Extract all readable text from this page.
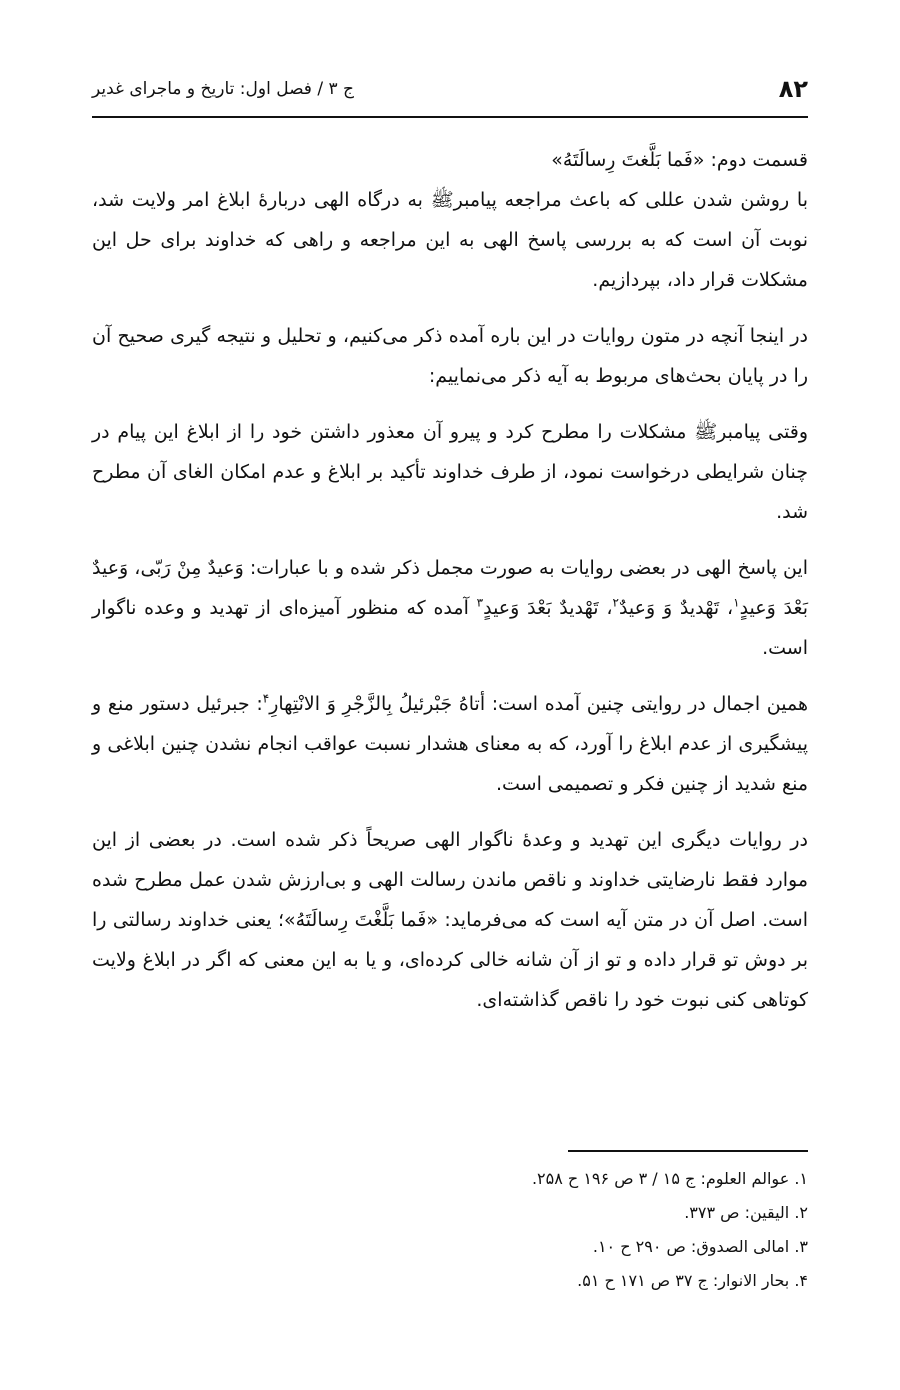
۸۲
ج ۳ / فصل اول: تاریخ و ماجرای غدیر

قسمت دوم: «فَما بَلَّغتَ رِسالَتَهُ»

با روشن شدن عللی که باعث مراجعه پیامبرﷺ به درگاه الهی دربارهٔ ابلاغ امر ولایت شد، نوبت آن است که به بررسی پاسخ الهی به این مراجعه و راهی که خداوند برای حل این مشکلات قرار داد، بپردازیم.

در اینجا آنچه در متون روایات در این باره آمده ذکر می‌کنیم، و تحلیل و نتیجه گیری صحیح آن را در پایان بحث‌های مربوط به آیه ذکر می‌نماییم:

وقتی پیامبرﷺ مشکلات را مطرح کرد و پیرو آن معذور داشتن خود را از ابلاغ این پیام در چنان شرایطی درخواست نمود، از طرف خداوند تأکید بر ابلاغ و عدم امکان الغای آن مطرح شد.

این پاسخ الهی در بعضی روایات به صورت مجمل ذکر شده و با عبارات: وَعیدٌ مِنْ رَبّی، وَعیدٌ بَعْدَ وَعیدٍ$^۱$، تَهْدیدٌ وَ وَعیدٌ$^۲$، تَهْدیدٌ بَعْدَ وَعیدٍ$^۳$ آمده که منظور آمیزه‌ای از تهدید و وعده ناگوار است.

همین اجمال در روایتی چنین آمده است: أتاهُ جَبْرئیلُ بِالزَّجْرِ وَ الانْتِهارِ$^۴$: جبرئیل دستور منع و پیشگیری از عدم ابلاغ را آورد، که به معنای هشدار نسبت عواقب انجام نشدن چنین ابلاغی و منع شدید از چنین فکر و تصمیمی است.

در روایات دیگری این تهدید و وعدهٔ ناگوار الهی صریحاً ذکر شده است. در بعضی از این موارد فقط نارضایتی خداوند و ناقص ماندن رسالت الهی و بی‌ارزش شدن عمل مطرح شده است. اصل آن در متن آیه است که می‌فرماید: «فَما بَلَّغْتَ رِسالَتَهُ»؛ یعنی خداوند رسالتی را بر دوش تو قرار داده و تو از آن شانه خالی کرده‌ای، و یا به این معنی که اگر در ابلاغ ولایت کوتاهی کنی نبوت خود را ناقص گذاشته‌ای.

۱. عوالم العلوم: ج ۱۵ / ۳ ص ۱۹۶ ح ۲۵۸.
۲. الیقین: ص ۳۷۳.
۳. امالی الصدوق: ص ۲۹۰ ح ۱۰.
۴. بحار الانوار: ج ۳۷ ص ۱۷۱ ح ۵۱.
